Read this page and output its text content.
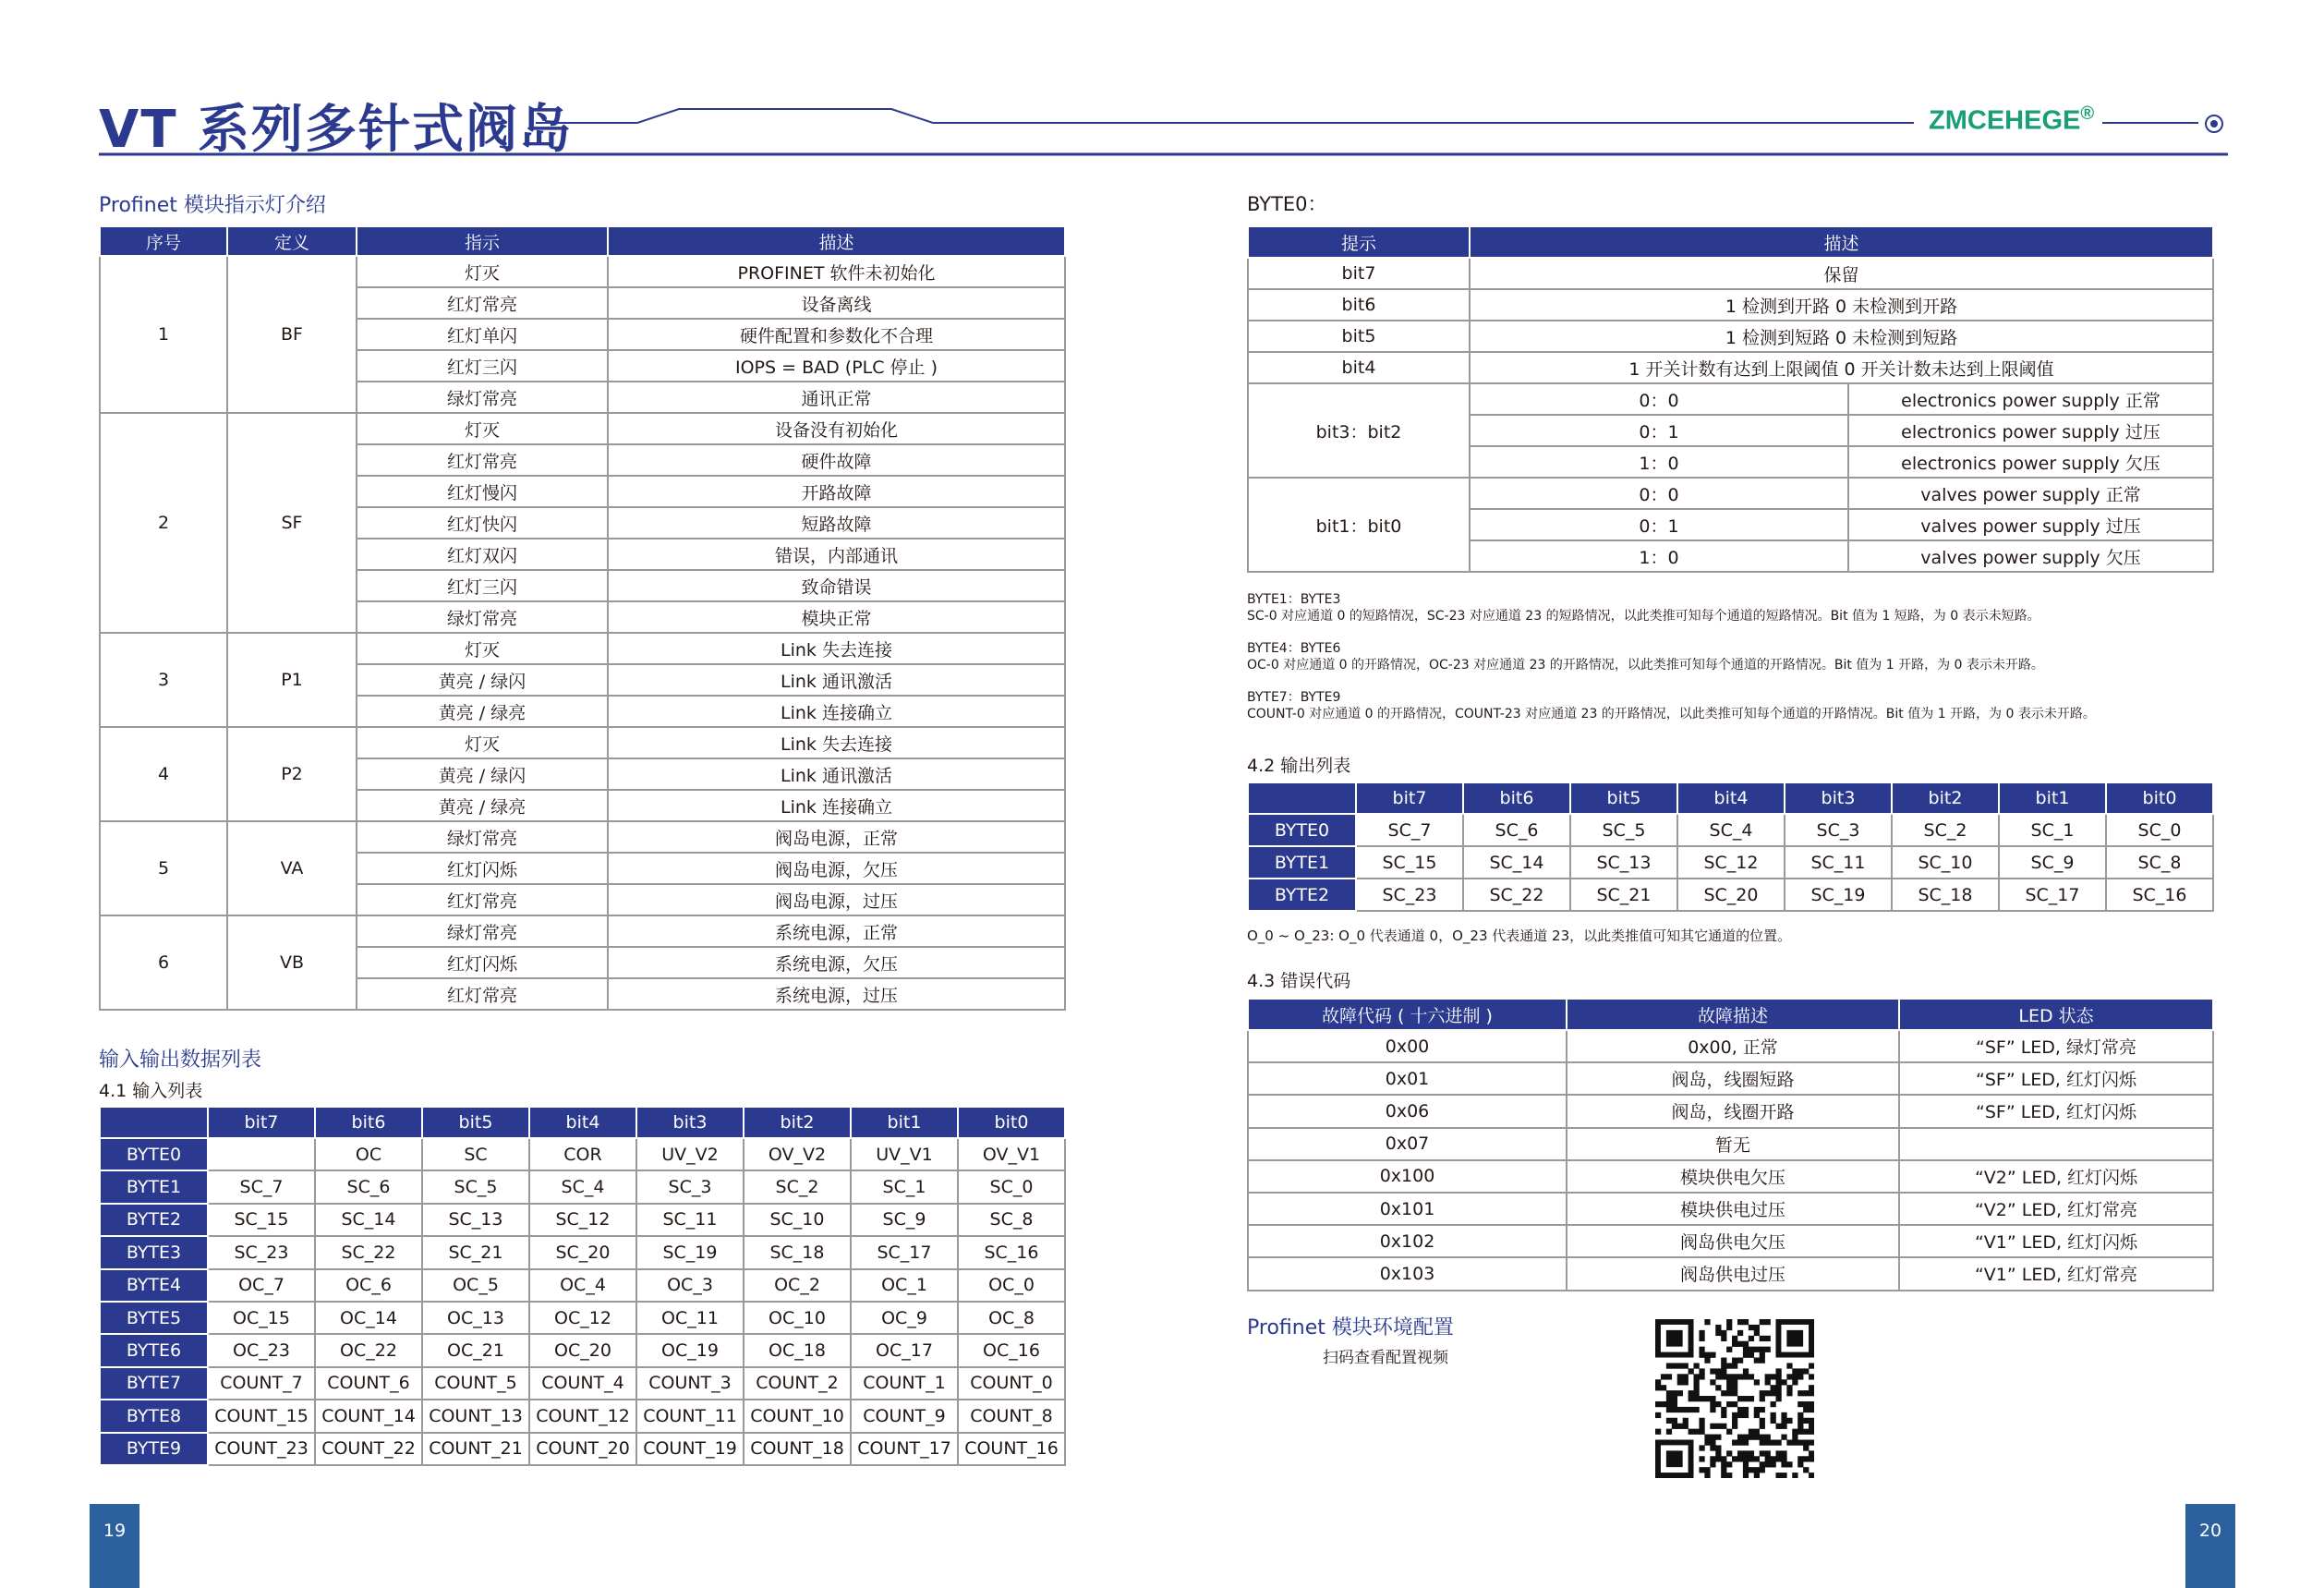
VT 系列多针式阀岛	ZMCEHEGE®
Profinet 模块指示灯介绍
序号	定义	指示	描述
1	BF	灯灭	PROFINET 软件未初始化
		红灯常亮	设备离线
		红灯单闪	硬件配置和参数化不合理
		红灯三闪	IOPS = BAD (PLC 停止 )
		绿灯常亮	通讯正常
2	SF	灯灭	设备没有初始化
		红灯常亮	硬件故障
		红灯慢闪	开路故障
		红灯快闪	短路故障
		红灯双闪	错误，内部通讯
		红灯三闪	致命错误
		绿灯常亮	模块正常
3	P1	灯灭	Link 失去连接
		黄亮 / 绿闪	Link 通讯激活
		黄亮 / 绿亮	Link 连接确立
4	P2	灯灭	Link 失去连接
		黄亮 / 绿闪	Link 通讯激活
		黄亮 / 绿亮	Link 连接确立
5	VA	绿灯常亮	阀岛电源，正常
		红灯闪烁	阀岛电源，欠压
		红灯常亮	阀岛电源，过压
6	VB	绿灯常亮	系统电源，正常
		红灯闪烁	系统电源，欠压
		红灯常亮	系统电源，过压
输入输出数据列表
4.1 输入列表
	bit7	bit6	bit5	bit4	bit3	bit2	bit1	bit0
BYTE0		OC	SC	COR	UV_V2	OV_V2	UV_V1	OV_V1
BYTE1	SC_7	SC_6	SC_5	SC_4	SC_3	SC_2	SC_1	SC_0
BYTE2	SC_15	SC_14	SC_13	SC_12	SC_11	SC_10	SC_9	SC_8
BYTE3	SC_23	SC_22	SC_21	SC_20	SC_19	SC_18	SC_17	SC_16
BYTE4	OC_7	OC_6	OC_5	OC_4	OC_3	OC_2	OC_1	OC_0
BYTE5	OC_15	OC_14	OC_13	OC_12	OC_11	OC_10	OC_9	OC_8
BYTE6	OC_23	OC_22	OC_21	OC_20	OC_19	OC_18	OC_17	OC_16
BYTE7	COUNT_7	COUNT_6	COUNT_5	COUNT_4	COUNT_3	COUNT_2	COUNT_1	COUNT_0
BYTE8	COUNT_15	COUNT_14	COUNT_13	COUNT_12	COUNT_11	COUNT_10	COUNT_9	COUNT_8
BYTE9	COUNT_23	COUNT_22	COUNT_21	COUNT_20	COUNT_19	COUNT_18	COUNT_17	COUNT_16
19
BYTE0：
提示	描述	
bit7	保留	
bit6	1 检测到开路 0 未检测到开路	
bit5	1 检测到短路 0 未检测到短路	
bit4	1 开关计数有达到上限阈值 0 开关计数未达到上限阈值	
bit3：bit2	0：0	electronics power supply 正常
	0：1	electronics power supply 过压
	1：0	electronics power supply 欠压
bit1：bit0	0：0	valves power supply 正常
	0：1	valves power supply 过压
	1：0	valves power supply 欠压

BYTE1：BYTE3
SC-0 对应通道 0 的短路情况，SC-23 对应通道 23 的短路情况，以此类推可知每个通道的短路情况。Bit 值为 1 短路，为 0 表示未短路。

BYTE4：BYTE6
OC-0 对应通道 0 的开路情况，OC-23 对应通道 23 的开路情况，以此类推可知每个通道的开路情况。Bit 值为 1 开路，为 0 表示未开路。

BYTE7：BYTE9
COUNT-0 对应通道 0 的开路情况，COUNT-23 对应通道 23 的开路情况，以此类推可知每个通道的开路情况。Bit 值为 1 开路，为 0 表示未开路。

4.2 输出列表
	bit7	bit6	bit5	bit4	bit3	bit2	bit1	bit0
BYTE0	SC_7	SC_6	SC_5	SC_4	SC_3	SC_2	SC_1	SC_0
BYTE1	SC_15	SC_14	SC_13	SC_12	SC_11	SC_10	SC_9	SC_8
BYTE2	SC_23	SC_22	SC_21	SC_20	SC_19	SC_18	SC_17	SC_16
O_0 ~ O_23: O_0 代表通道 0，O_23 代表通道 23，以此类推值可知其它通道的位置。
4.3 错误代码
故障代码 ( 十六进制 )	故障描述	LED 状态
0x00	0x00, 正常	“SF” LED, 绿灯常亮
0x01	阀岛，线圈短路	“SF” LED, 红灯闪烁
0x06	阀岛，线圈开路	“SF” LED, 红灯闪烁
0x07	暂无	
0x100	模块供电欠压	“V2” LED, 红灯闪烁
0x101	模块供电过压	“V2” LED, 红灯常亮
0x102	阀岛供电欠压	“V1” LED, 红灯闪烁
0x103	阀岛供电过压	“V1” LED, 红灯常亮
Profinet 模块环境配置
扫码查看配置视频
20
